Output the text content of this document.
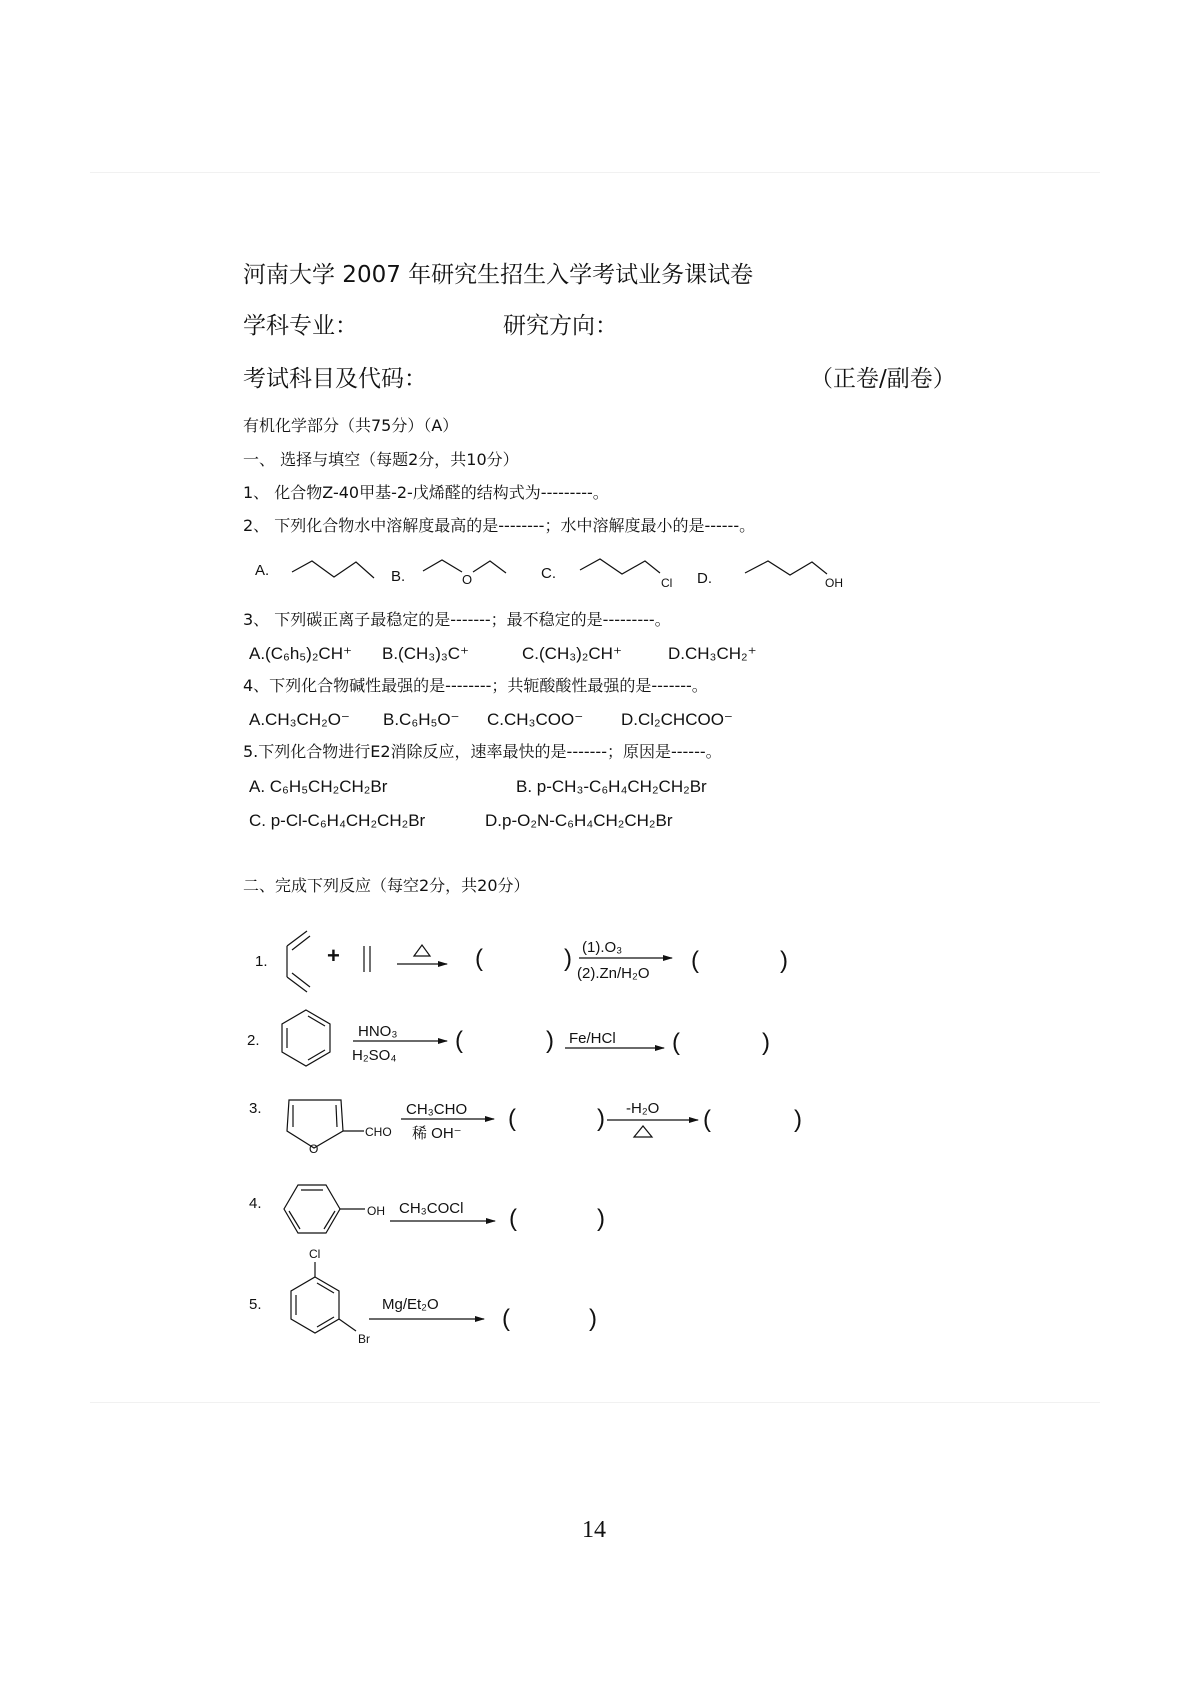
河南大学 2007 年研究生招生入学考试业务课试卷
学科专业：	研究方向：
考试科目及代码：	（正卷/副卷）
有机化学部分（共75分）（A）
一、 选择与填空（每题2分，共10分）
1、 化合物Z-40甲基-2-戊烯醛的结构式为---------。
2、 下列化合物水中溶解度最高的是--------；水中溶解度最小的是------。
3、 下列碳正离子最稳定的是-------；最不稳定的是---------。
A.(C₆h₅)₂CH⁺ B.(CH₃)₃C⁺	C.(CH₃)₂CH⁺	D.CH₃CH₂⁺
4、下列化合物碱性最强的是--------；共轭酸酸性最强的是-------。
A.CH₃CH₂O⁻ B.C₆H₅O⁻ C.CH₃COO⁻ D.Cl₂CHCOO⁻
5.下列化合物进行E2消除反应，速率最快的是-------；原因是------。
A. C₆H₅CH₂CH₂Br	B. p-CH₃-C₆H₄CH₂CH₂Br
C. p-Cl-C₆H₄CH₂CH₂Br	D.p-O₂N-C₆H₄CH₂CH₂Br
二、完成下列反应（每空2分，共20分）
14
A.	B.	O	C.
Cl D.	OH
1.	+	(	) (1).O₃
(2).Zn/H₂O (	)
2.
HNO₃
H₂SO₄
(	) Fe/HCl (	)
3.
O
CHO
CH₃CHO
稀 OH⁻
(	) -H₂O (	)
4.	OH CH₃COCl (	)
5.
Cl
Br
Mg/Et₂O
(	)
